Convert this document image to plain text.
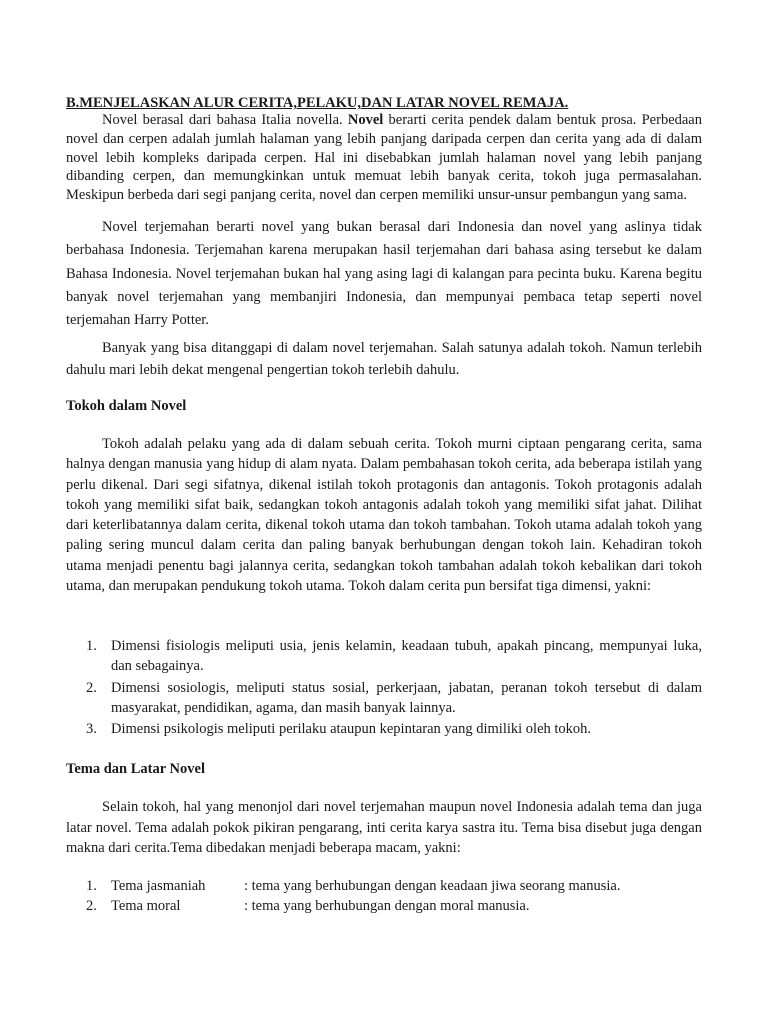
B.MENJELASKAN ALUR CERITA,PELAKU,DAN LATAR NOVEL REMAJA.

Novel berasal dari bahasa Italia novella. Novel berarti cerita pendek dalam bentuk prosa. Perbedaan novel dan cerpen adalah jumlah halaman yang lebih panjang daripada cerpen dan cerita yang ada di dalam novel lebih kompleks daripada cerpen. Hal ini disebabkan jumlah halaman novel yang lebih panjang dibanding cerpen, dan memungkinkan untuk memuat lebih banyak cerita, tokoh juga permasalahan. Meskipun berbeda dari segi panjang cerita, novel dan cerpen memiliki unsur-unsur pembangun yang sama.

Novel terjemahan berarti novel yang bukan berasal dari Indonesia dan novel yang aslinya tidak berbahasa Indonesia. Terjemahan karena merupakan hasil terjemahan dari bahasa asing tersebut ke dalam Bahasa Indonesia. Novel terjemahan bukan hal yang asing lagi di kalangan para pecinta buku. Karena begitu banyak novel terjemahan yang membanjiri Indonesia, dan mempunyai pembaca tetap seperti novel terjemahan Harry Potter.

Banyak yang bisa ditanggapi di dalam novel terjemahan. Salah satunya adalah tokoh. Namun terlebih dahulu mari lebih dekat mengenal pengertian tokoh terlebih dahulu.

Tokoh dalam Novel

Tokoh adalah pelaku yang ada di dalam sebuah cerita. Tokoh murni ciptaan pengarang cerita, sama halnya dengan manusia yang hidup di alam nyata. Dalam pembahasan tokoh cerita, ada beberapa istilah yang perlu dikenal. Dari segi sifatnya, dikenal istilah tokoh protagonis dan antagonis. Tokoh protagonis adalah tokoh yang memiliki sifat baik, sedangkan tokoh antagonis adalah tokoh yang memiliki sifat jahat. Dilihat dari keterlibatannya dalam cerita, dikenal tokoh utama dan tokoh tambahan. Tokoh utama adalah tokoh yang paling sering muncul dalam cerita dan paling banyak berhubungan dengan tokoh lain. Kehadiran tokoh utama menjadi penentu bagi jalannya cerita, sedangkan tokoh tambahan adalah tokoh kebalikan dari tokoh utama, dan merupakan pendukung tokoh utama. Tokoh dalam cerita pun bersifat tiga dimensi, yakni:

1. Dimensi fisiologis meliputi usia, jenis kelamin, keadaan tubuh, apakah pincang, mempunyai luka, dan sebagainya.
2. Dimensi sosiologis, meliputi status sosial, perkerjaan, jabatan, peranan tokoh tersebut di dalam masyarakat, pendidikan, agama, dan masih banyak lainnya.
3. Dimensi psikologis meliputi perilaku ataupun kepintaran yang dimiliki oleh tokoh.

Tema dan Latar Novel

Selain tokoh, hal yang menonjol dari novel terjemahan maupun novel Indonesia adalah tema dan juga latar novel. Tema adalah pokok pikiran pengarang, inti cerita karya sastra itu. Tema bisa disebut juga dengan makna dari cerita.Tema dibedakan menjadi beberapa macam, yakni:

1. Tema jasmaniah	: tema yang berhubungan dengan keadaan jiwa seorang manusia.
2. Tema moral	: tema yang berhubungan dengan moral manusia.
